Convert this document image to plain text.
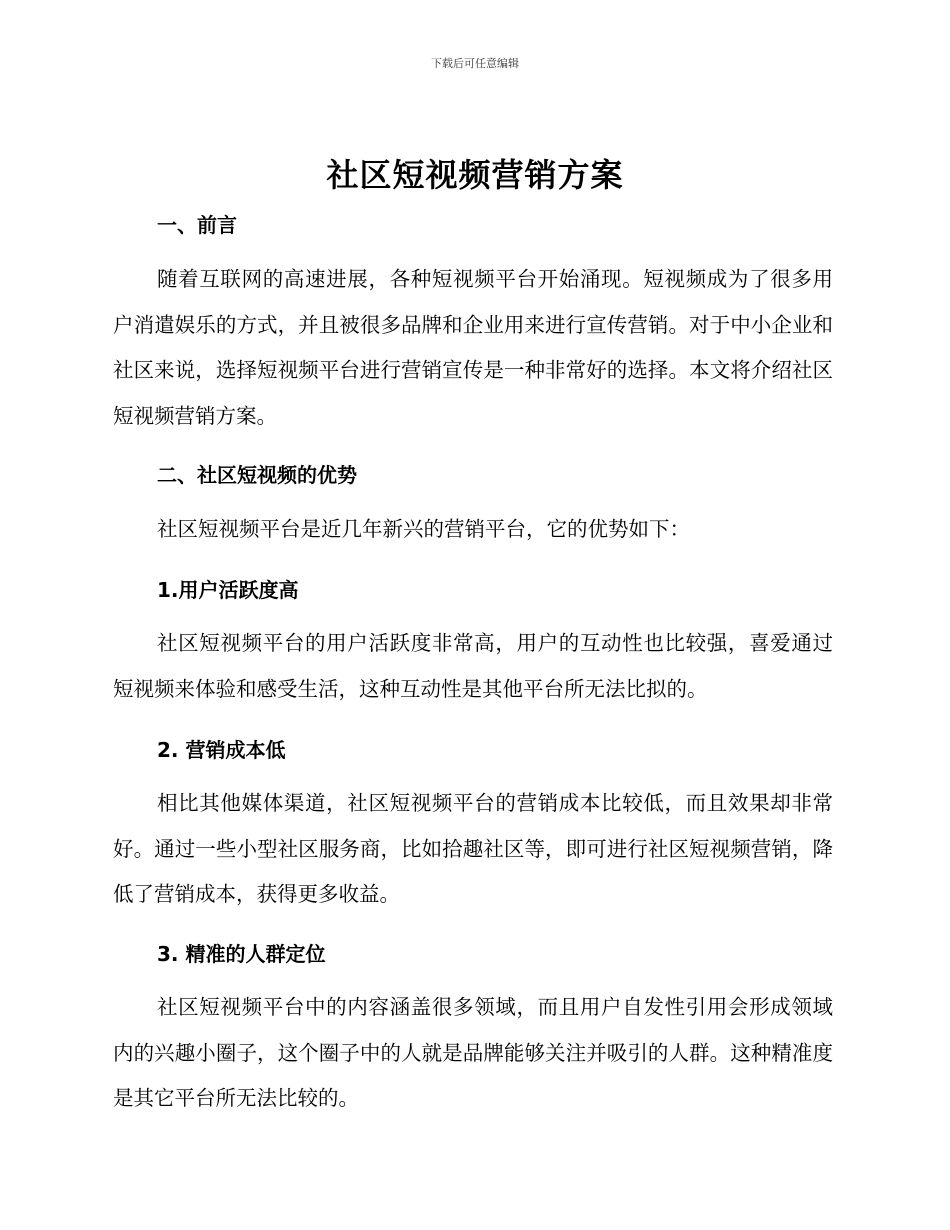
下载后可任意编辑
社区短视频营销方案
一、前言

随着互联网的高速进展，各种短视频平台开始涌现。短视频成为了很多用户消遣娱乐的方式，并且被很多品牌和企业用来进行宣传营销。对于中小企业和社区来说，选择短视频平台进行营销宣传是一种非常好的选择。本文将介绍社区短视频营销方案。

二、社区短视频的优势

社区短视频平台是近几年新兴的营销平台，它的优势如下：

1.用户活跃度高

社区短视频平台的用户活跃度非常高，用户的互动性也比较强，喜爱通过短视频来体验和感受生活，这种互动性是其他平台所无法比拟的。

2. 营销成本低

相比其他媒体渠道，社区短视频平台的营销成本比较低，而且效果却非常好。通过一些小型社区服务商，比如拾趣社区等，即可进行社区短视频营销，降低了营销成本，获得更多收益。

3. 精准的人群定位

社区短视频平台中的内容涵盖很多领域，而且用户自发性引用会形成领域内的兴趣小圈子，这个圈子中的人就是品牌能够关注并吸引的人群。这种精准度是其它平台所无法比较的。
